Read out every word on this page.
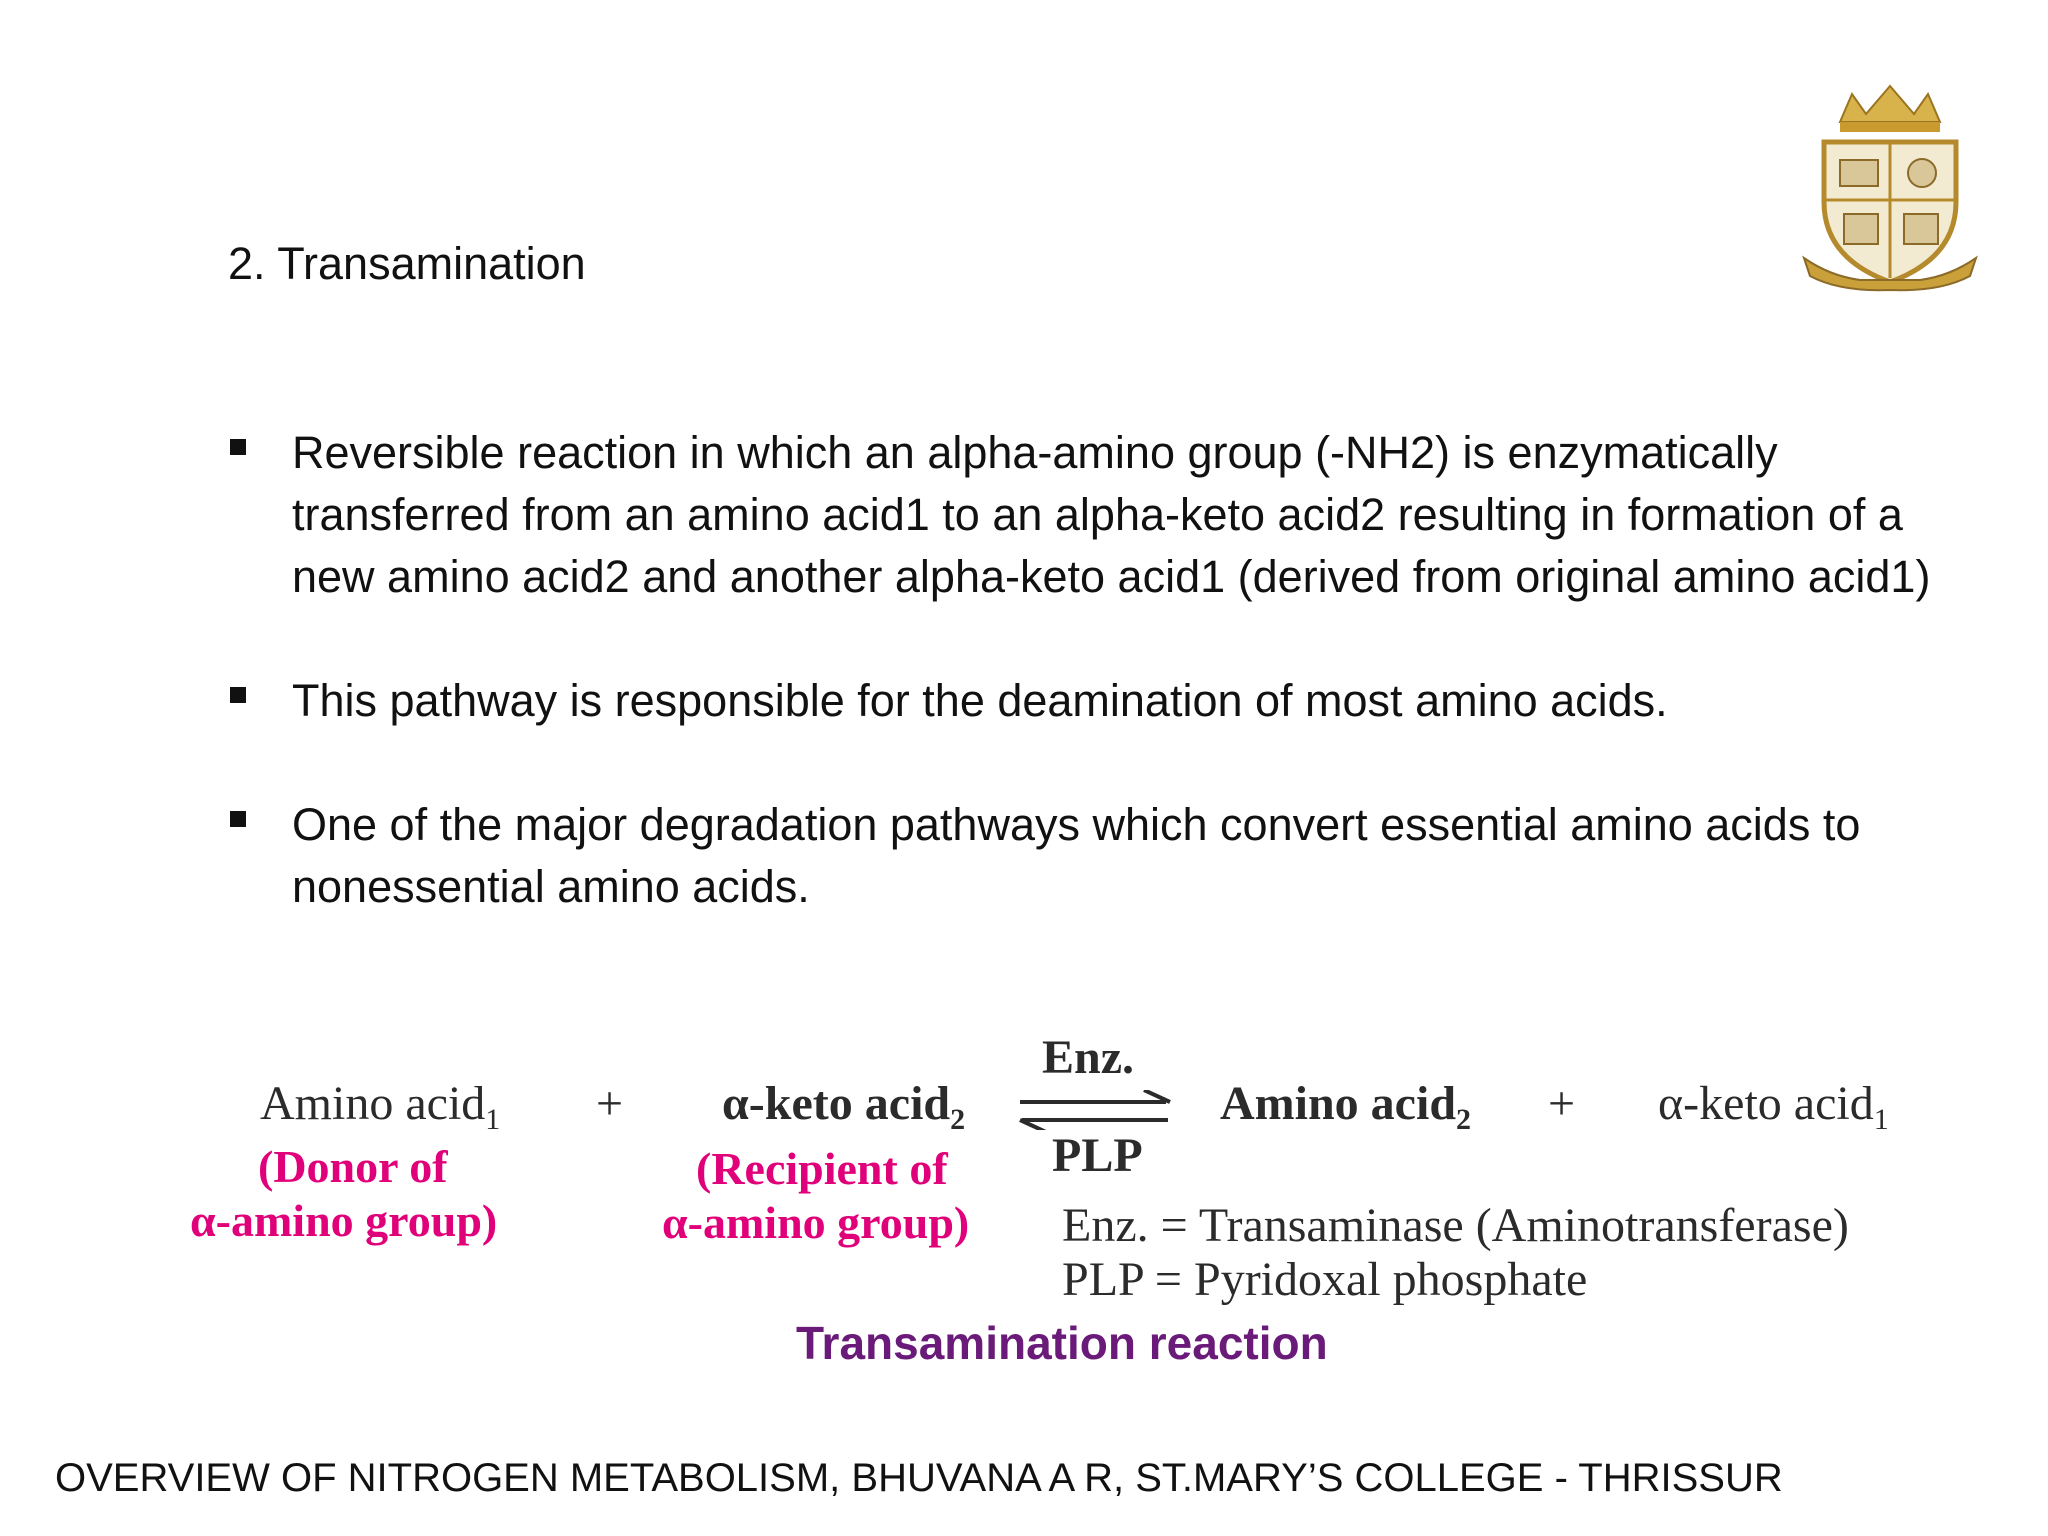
2. Transamination
Reversible reaction in which an alpha-amino group (-NH2) is enzymatically transferred from an amino acid1 to an alpha-keto acid2 resulting in formation of a new amino acid2 and another alpha-keto acid1 (derived from original amino acid1)
This pathway is responsible for the deamination of most amino acids.
One of the major degradation pathways which convert essential amino acids to nonessential amino acids.
Amino acid$_1$
(Donor of
α-amino group)
+ α-keto acid$_2$
(Recipient of
α-amino group)
Enz.
PLP
Amino acid$_2$ + α-keto acid$_1$
Enz. = Transaminase (Aminotransferase)
PLP = Pyridoxal phosphate
Transamination reaction
OVERVIEW OF NITROGEN METABOLISM, BHUVANA A R, ST.MARY’S COLLEGE - THRISSUR
